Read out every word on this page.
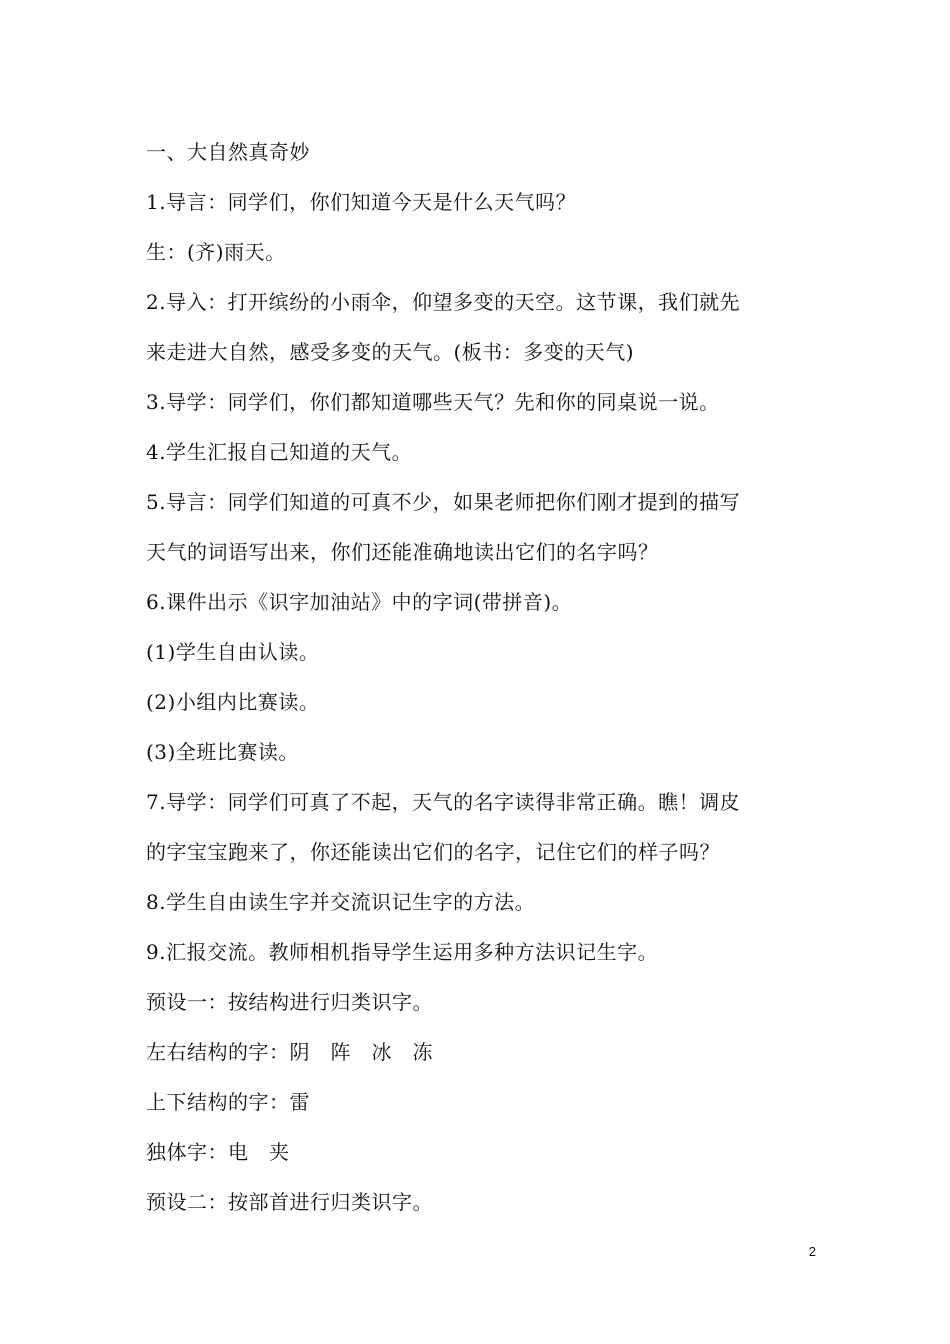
一、大自然真奇妙
1.导言：同学们，你们知道今天是什么天气吗？
生：(齐)雨天。
2.导入：打开缤纷的小雨伞，仰望多变的天空。这节课，我们就先
来走进大自然，感受多变的天气。(板书：多变的天气)
3.导学：同学们，你们都知道哪些天气？先和你的同桌说一说。
4.学生汇报自己知道的天气。
5.导言：同学们知道的可真不少，如果老师把你们刚才提到的描写
天气的词语写出来，你们还能准确地读出它们的名字吗？
6.课件出示《识字加油站》中的字词(带拼音)。
(1)学生自由认读。
(2)小组内比赛读。
(3)全班比赛读。
7.导学：同学们可真了不起，天气的名字读得非常正确。瞧！调皮
的字宝宝跑来了，你还能读出它们的名字，记住它们的样子吗？
8.学生自由读生字并交流识记生字的方法。
9.汇报交流。教师相机指导学生运用多种方法识记生字。
预设一：按结构进行归类识字。
左右结构的字：阴　阵　冰　冻
上下结构的字：雷
独体字：电　夹
预设二：按部首进行归类识字。
2
